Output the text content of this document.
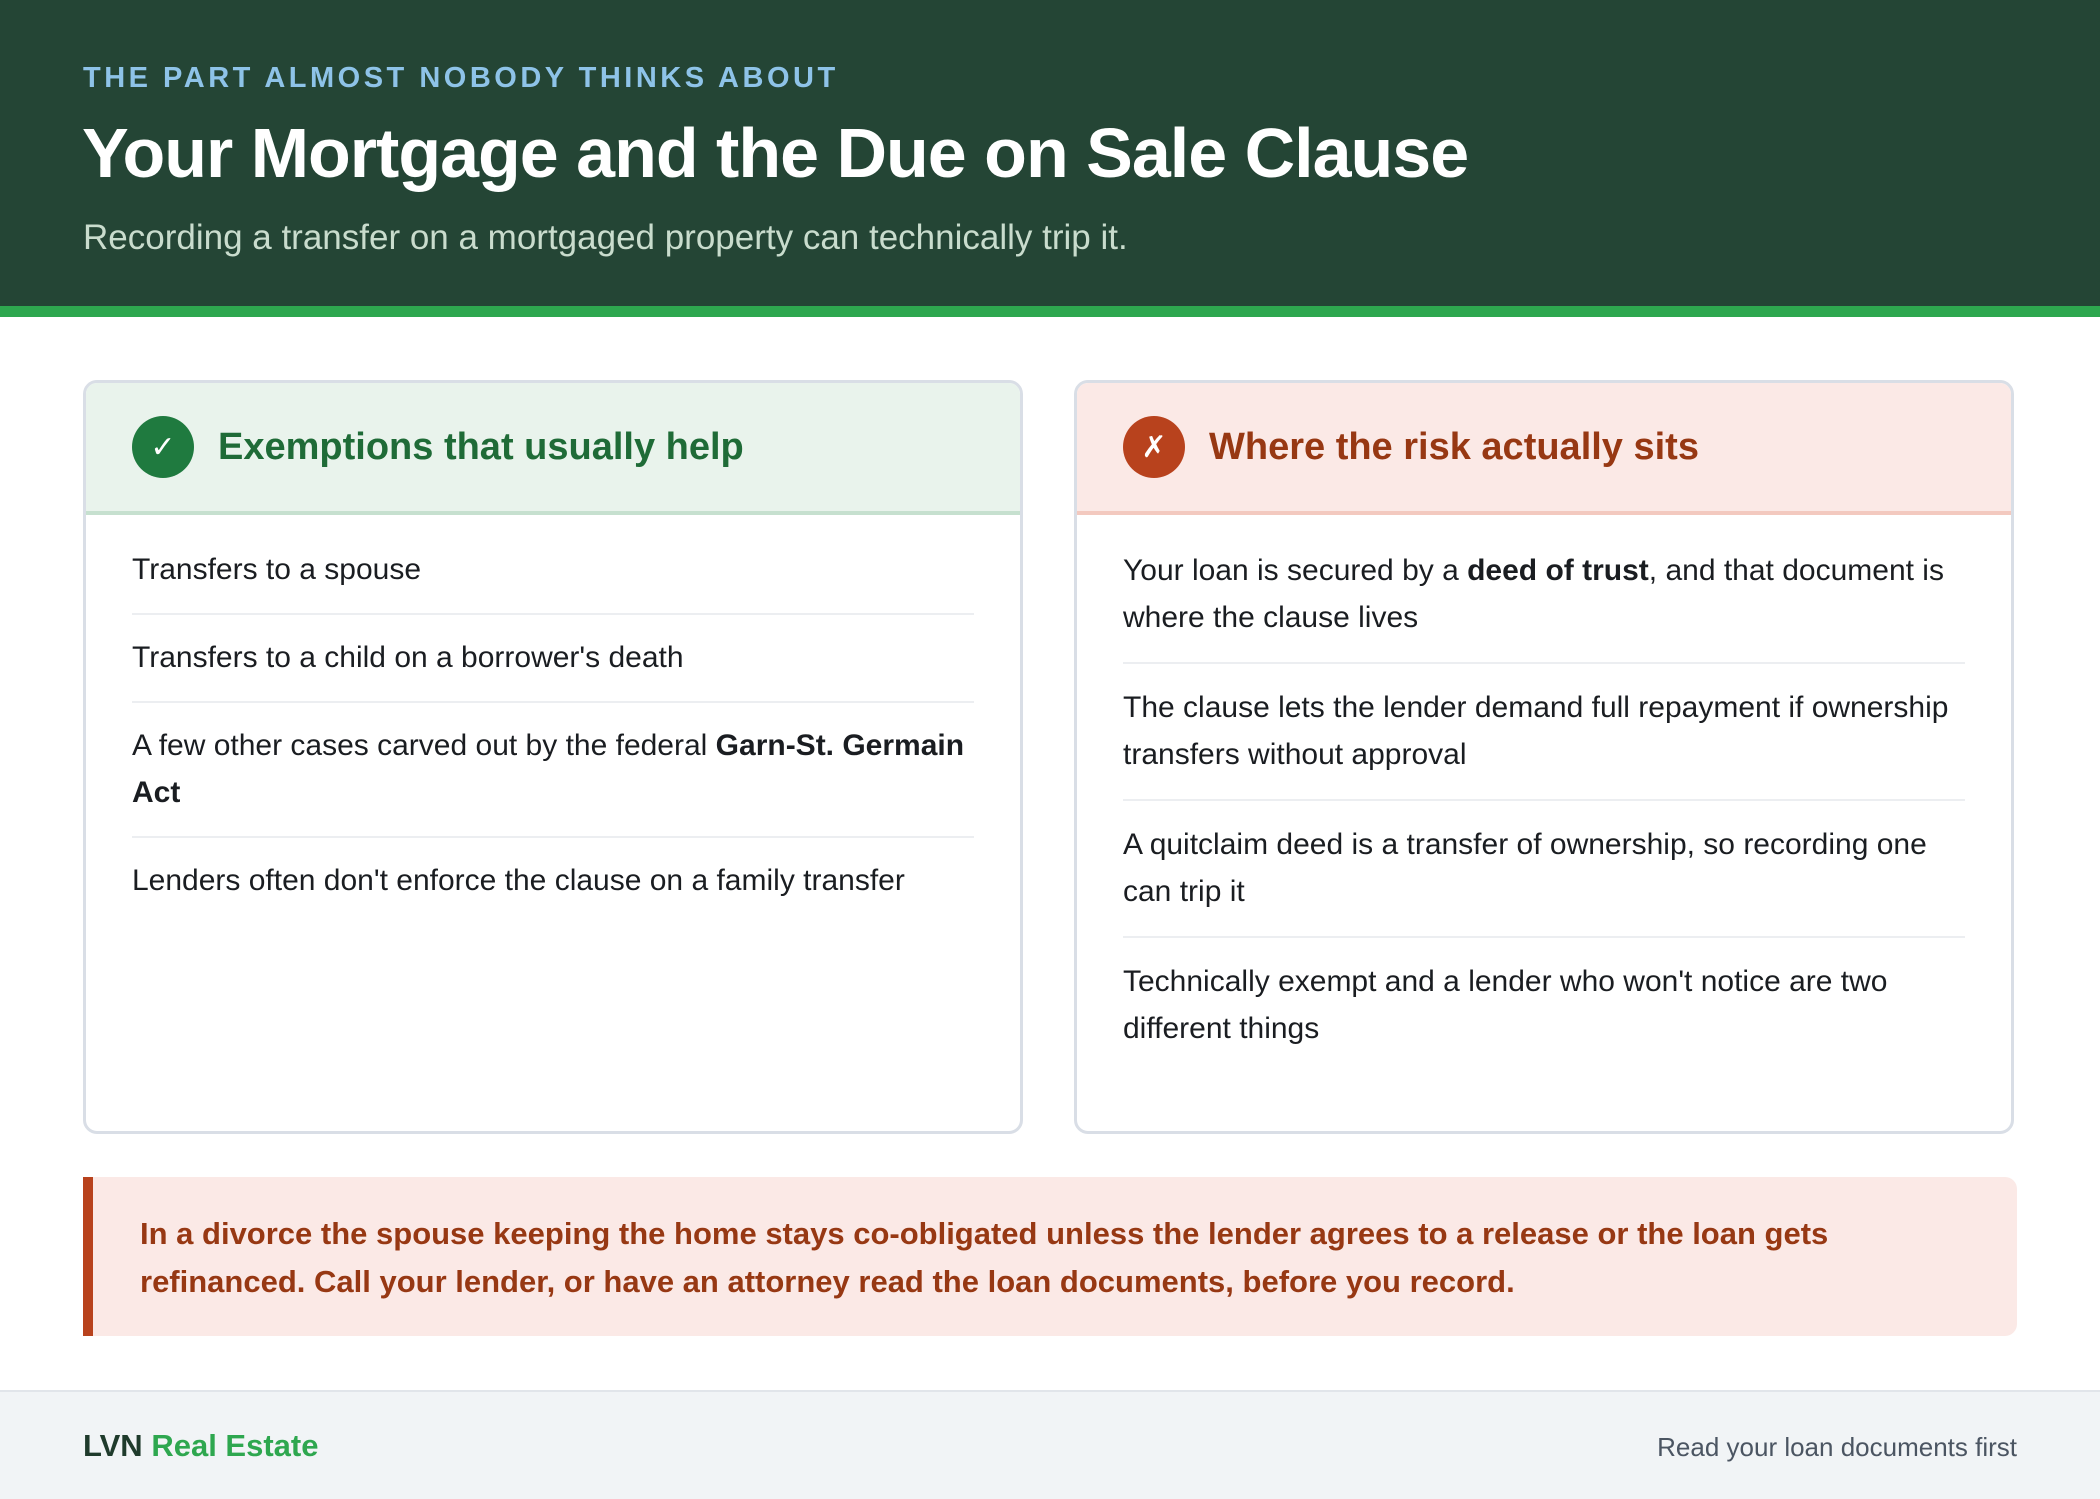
THE PART ALMOST NOBODY THINKS ABOUT
Your Mortgage and the Due on Sale Clause
Recording a transfer on a mortgaged property can technically trip it.
✓	Exemptions that usually help
Transfers to a spouse
Transfers to a child on a borrower's death
A few other cases carved out by the federal Garn-St. Germain Act
Lenders often don't enforce the clause on a family transfer
✗	Where the risk actually sits
Your loan is secured by a deed of trust, and that document is where the clause lives
The clause lets the lender demand full repayment if ownership transfers without approval
A quitclaim deed is a transfer of ownership, so recording one can trip it
Technically exempt and a lender who won't notice are two different things
In a divorce the spouse keeping the home stays co-obligated unless the lender agrees to a release or the loan gets refinanced. Call your lender, or have an attorney read the loan documents, before you record.
LVN Real Estate	Read your loan documents first
